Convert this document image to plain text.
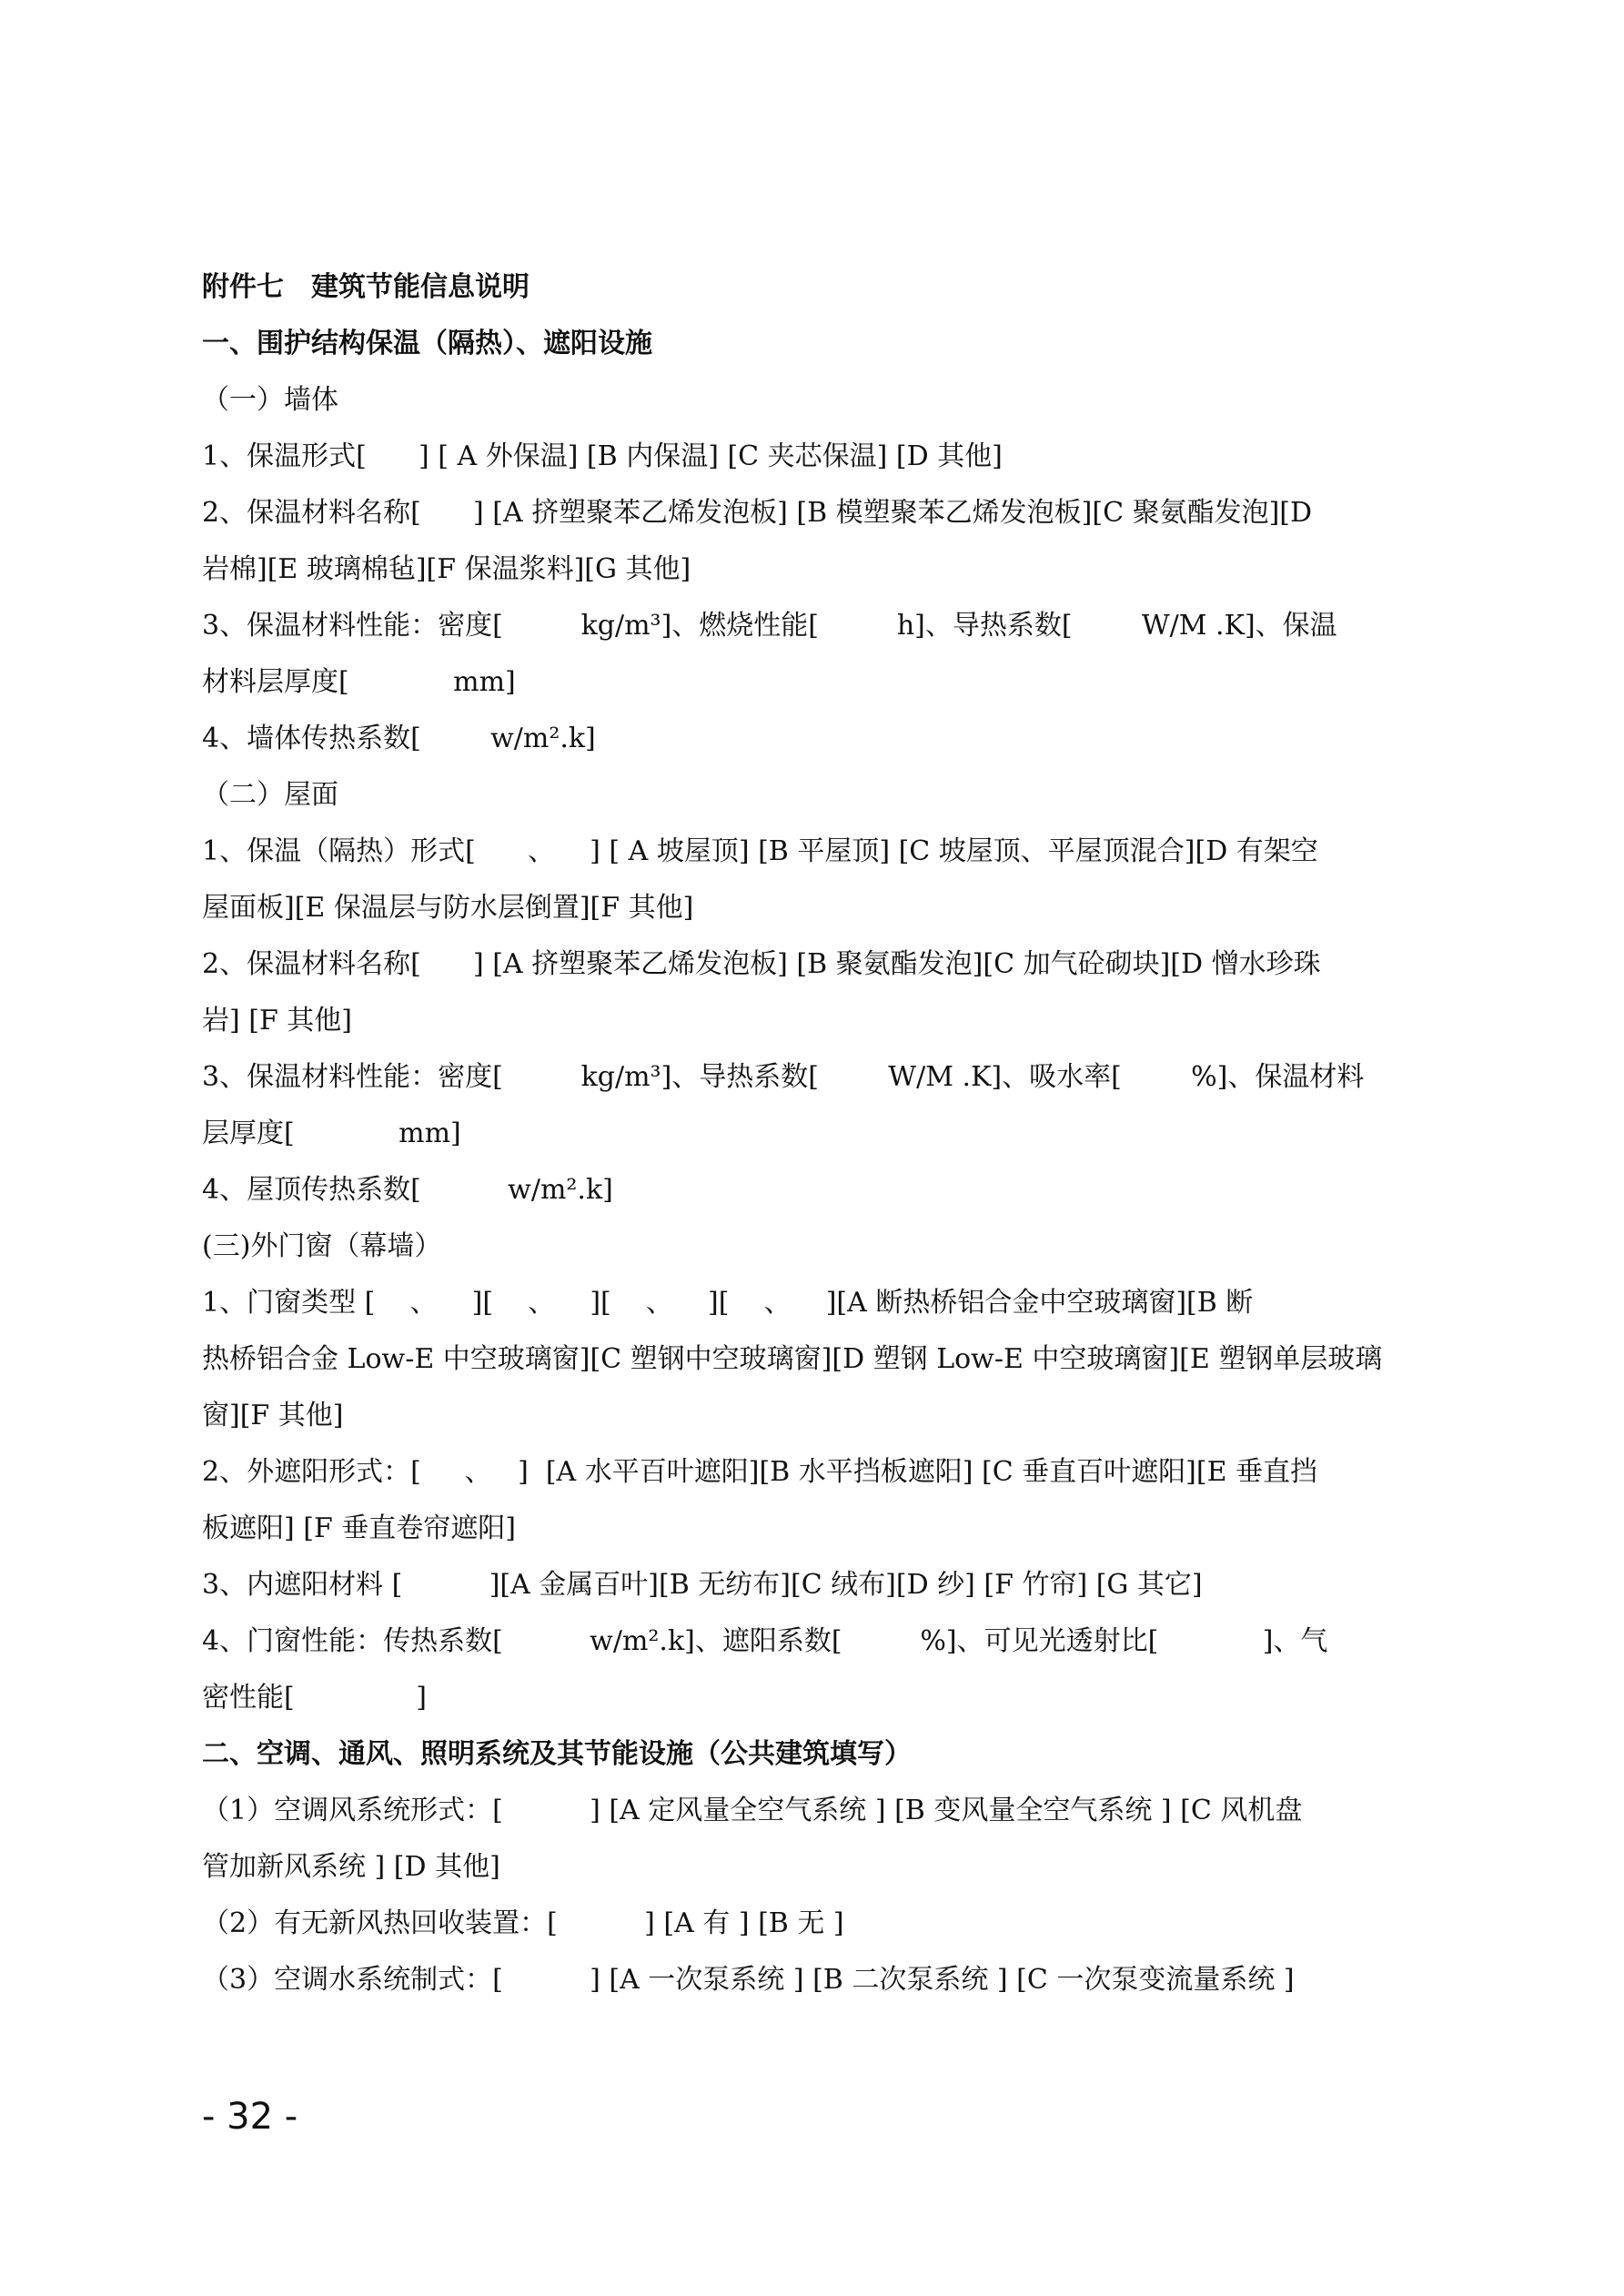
附件七　建筑节能信息说明

一、围护结构保温（隔热）、遮阳设施

（一）墙体

1、保温形式[      ] [ A 外保温] [B 内保温] [C 夹芯保温] [D 其他]

2、保温材料名称[      ] [A 挤塑聚苯乙烯发泡板] [B 模塑聚苯乙烯发泡板][C 聚氨酯发泡][D

岩棉][E 玻璃棉毡][F 保温浆料][G 其他]

3、保温材料性能：密度[         kg/m³]、燃烧性能[         h]、导热系数[        W/M .K]、保温

材料层厚度[            mm]

4、墙体传热系数[        w/m².k]

（二）屋面

1、保温（隔热）形式[      、    ] [ A 坡屋顶] [B 平屋顶] [C 坡屋顶、平屋顶混合][D 有架空

屋面板][E 保温层与防水层倒置][F 其他]

2、保温材料名称[      ] [A 挤塑聚苯乙烯发泡板] [B 聚氨酯发泡][C 加气砼砌块][D 憎水珍珠

岩] [F 其他]

3、保温材料性能：密度[         kg/m³]、导热系数[        W/M .K]、吸水率[        %]、保温材料

层厚度[            mm]

4、屋顶传热系数[          w/m².k]

(三)外门窗（幕墙）

1、门窗类型 [    、    ][    、    ][    、    ][    、    ][A 断热桥铝合金中空玻璃窗][B 断

热桥铝合金 Low-E 中空玻璃窗][C 塑钢中空玻璃窗][D 塑钢 Low-E 中空玻璃窗][E 塑钢单层玻璃

窗][F 其他]

2、外遮阳形式：[     、   ]  [A 水平百叶遮阳][B 水平挡板遮阳] [C 垂直百叶遮阳][E 垂直挡

板遮阳] [F 垂直卷帘遮阳]

3、内遮阳材料 [          ][A 金属百叶][B 无纺布][C 绒布][D 纱] [F 竹帘] [G 其它]

4、门窗性能：传热系数[          w/m².k]、遮阳系数[         %]、可见光透射比[            ]、气

密性能[              ]

二、空调、通风、照明系统及其节能设施（公共建筑填写）

（1）空调风系统形式：[          ] [A 定风量全空气系统 ] [B 变风量全空气系统 ] [C 风机盘

管加新风系统 ] [D 其他]

（2）有无新风热回收装置：[          ] [A 有 ] [B 无 ]

（3）空调水系统制式：[          ] [A 一次泵系统 ] [B 二次泵系统 ] [C 一次泵变流量系统 ]

- 32 -
